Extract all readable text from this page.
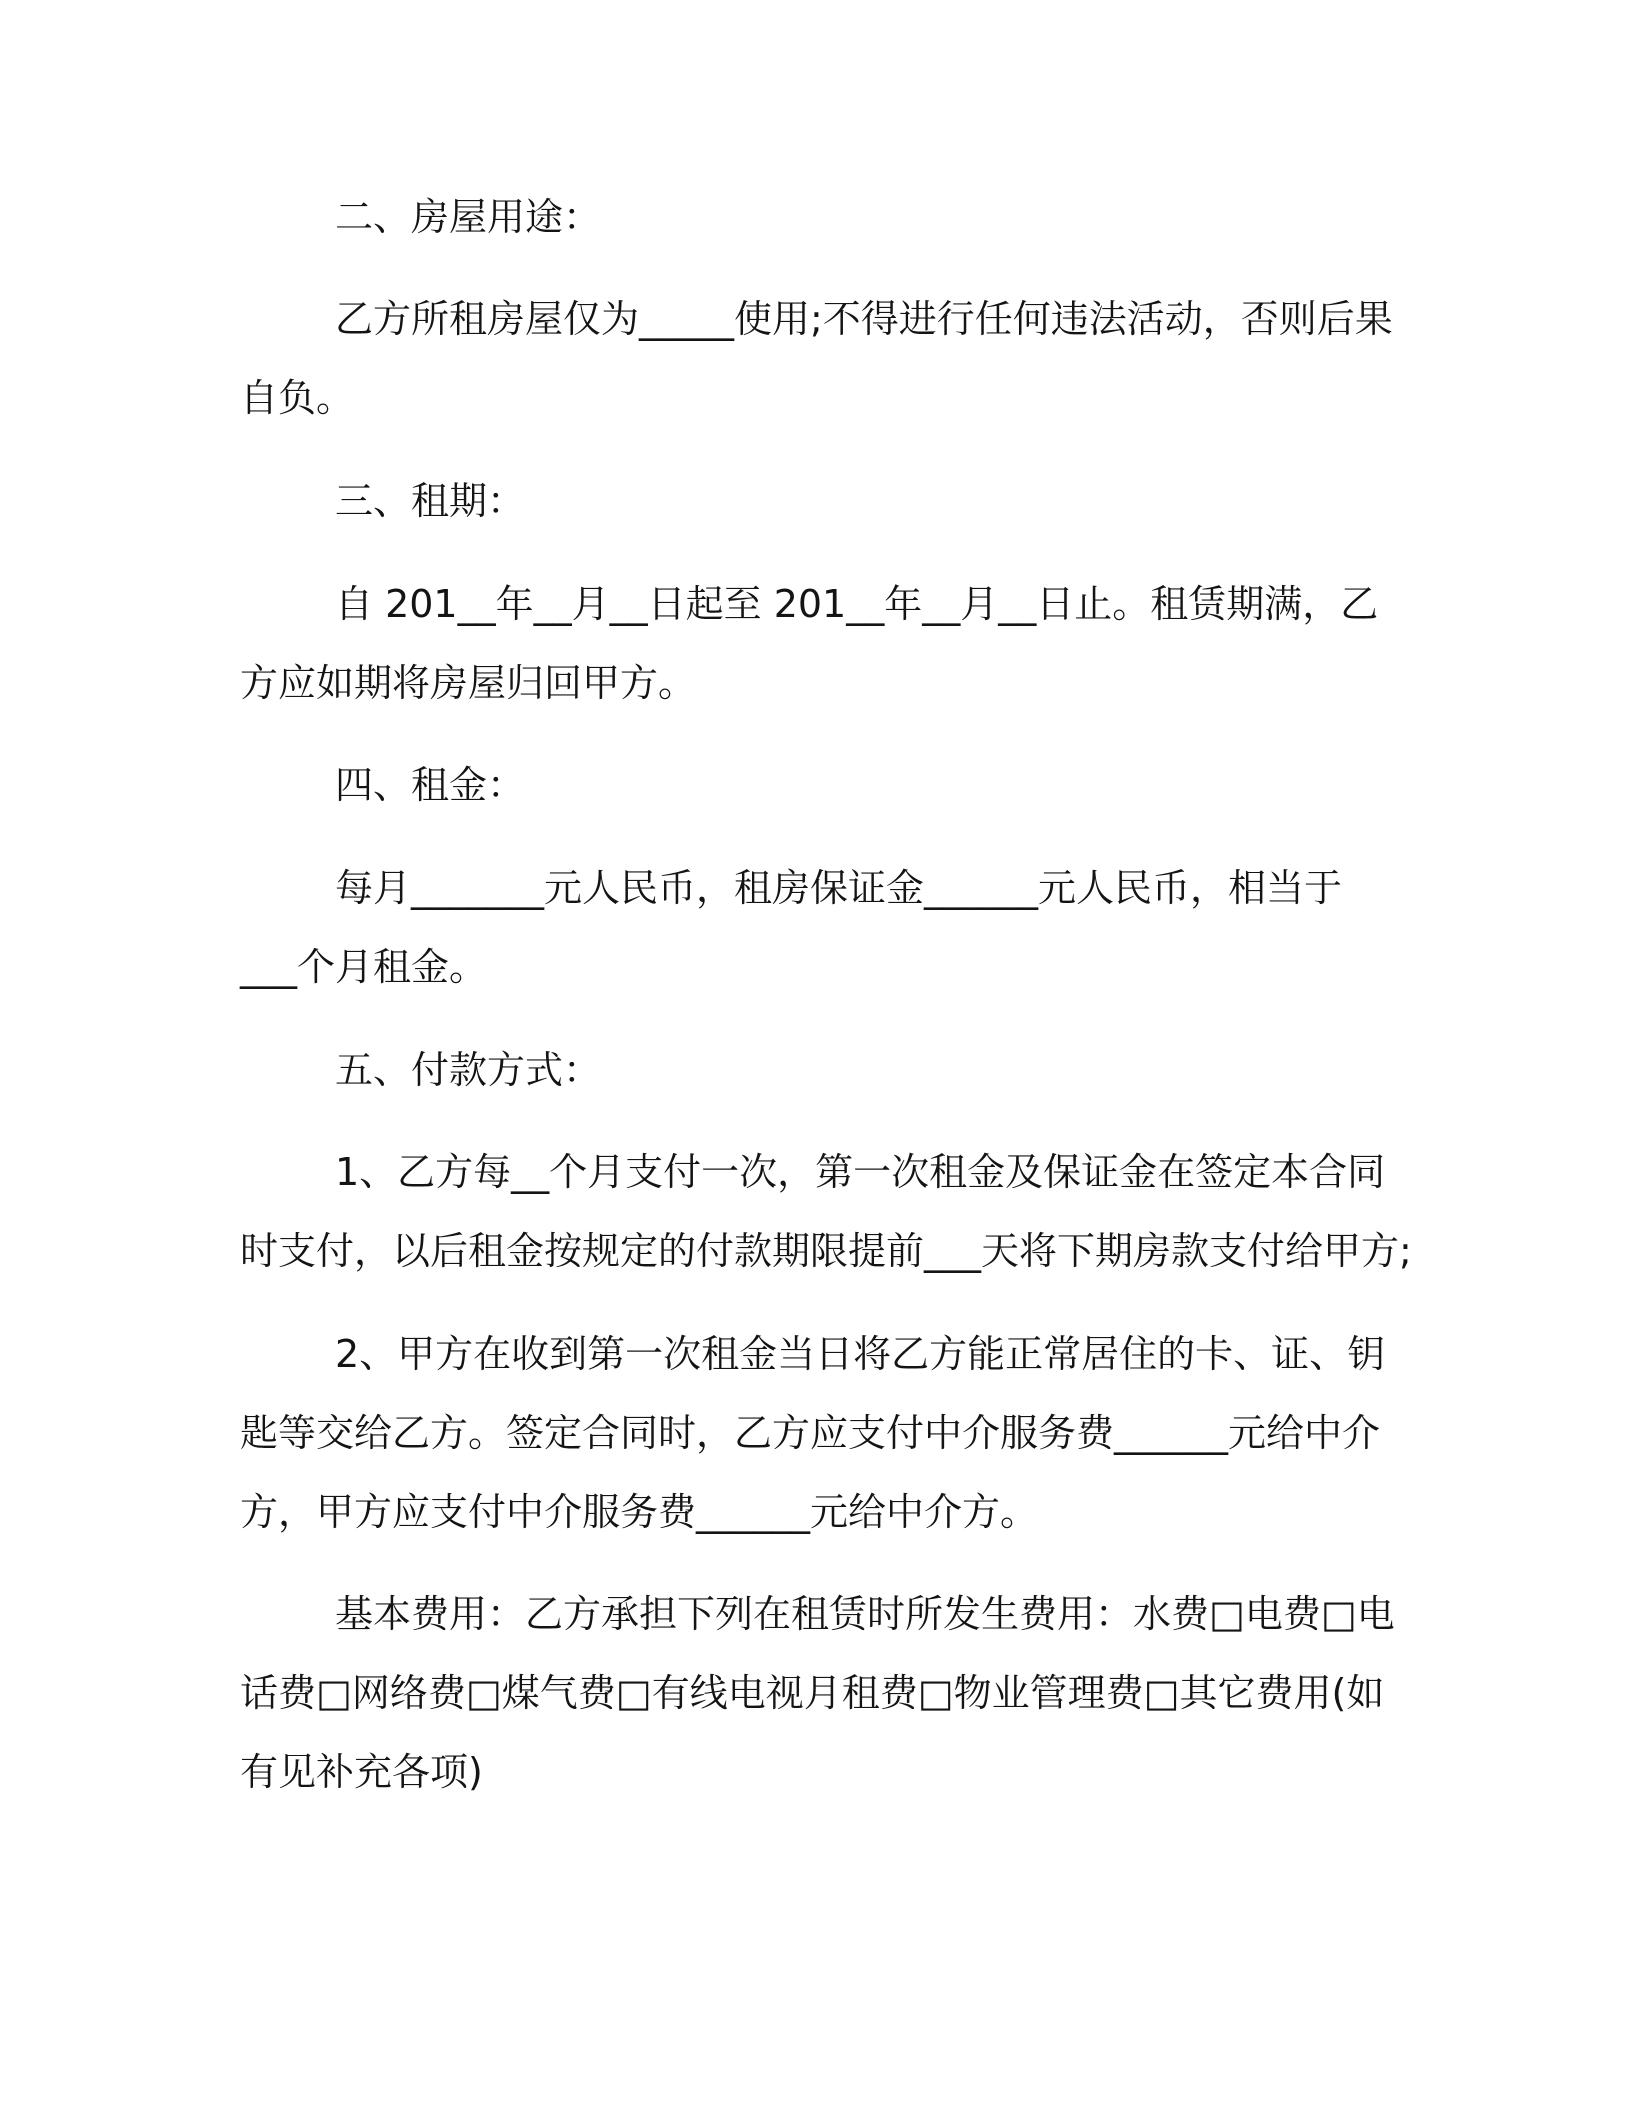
二、房屋用途：
乙方所租房屋仅为_____使用;不得进行任何违法活动，否则后果
自负。
三、租期：
自 201__年__月__日起至 201__年__月__日止。租赁期满，乙
方应如期将房屋归回甲方。
四、租金：
每月_______元人民币，租房保证金______元人民币，相当于
___个月租金。
五、付款方式：
1、乙方每__个月支付一次，第一次租金及保证金在签定本合同
时支付，以后租金按规定的付款期限提前___天将下期房款支付给甲方;
2、甲方在收到第一次租金当日将乙方能正常居住的卡、证、钥
匙等交给乙方。签定合同时，乙方应支付中介服务费______元给中介
方，甲方应支付中介服务费______元给中介方。
基本费用：乙方承担下列在租赁时所发生费用：水费□电费□电
话费□网络费□煤气费□有线电视月租费□物业管理费□其它费用(如
有见补充各项)
